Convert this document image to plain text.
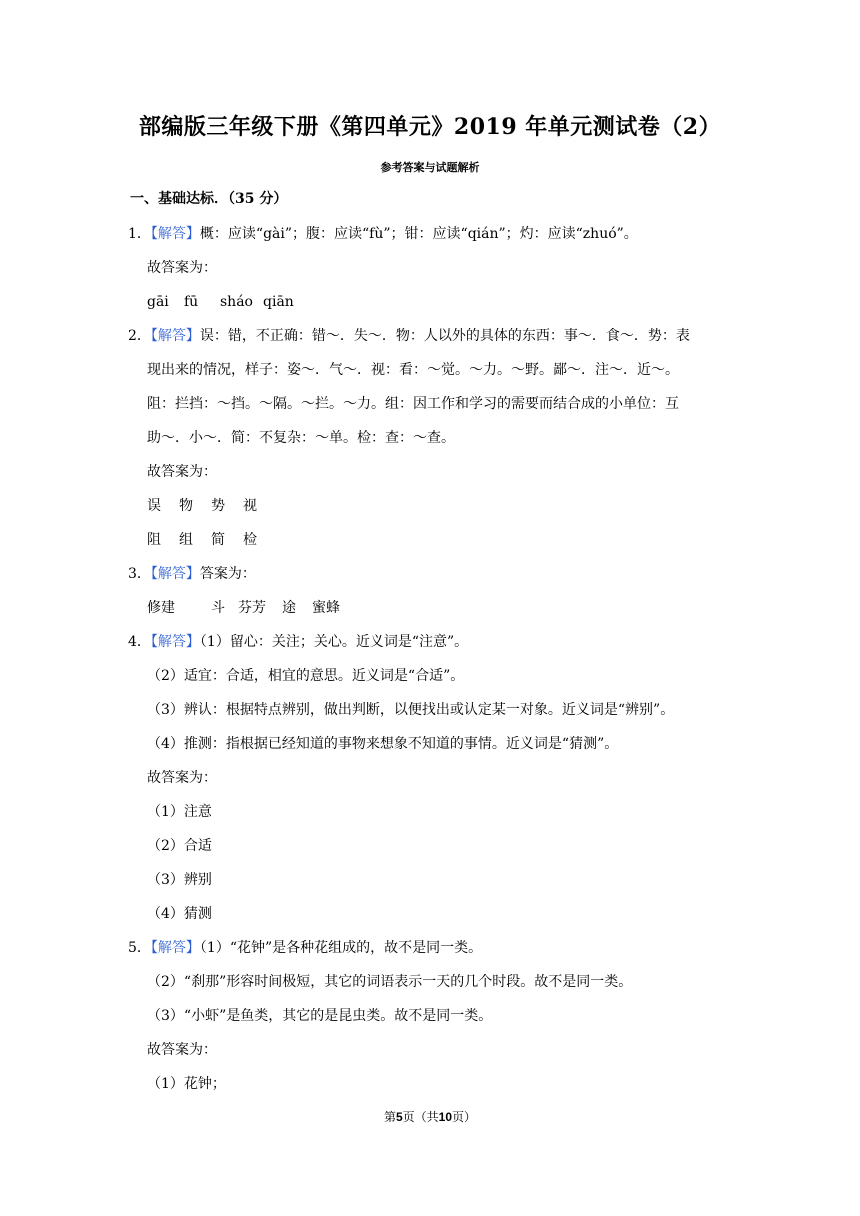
部编版三年级下册《第四单元》2019 年单元测试卷（2）
参考答案与试题解析
一、基础达标．（35 分）
1．【解答】概：应读“gài”；腹：应读“fù”；钳：应读“qián”；灼：应读“zhuó”。
故答案为：
gāi fū sháo qiān
2．【解答】误：错，不正确：错～．失～．物：人以外的具体的东西：事～．食～．势：表
现出来的情况，样子：姿～．气～．视：看：～觉。～力。～野。鄙～．注～．近～。
阻：拦挡：～挡。～隔。～拦。～力。组：因工作和学习的需要而结合成的小单位：互
助～．小～．简：不复杂：～单。检：查：～查。
故答案为：
误 物 势 视
阻 组 简 检
3．【解答】答案为：
修建	斗 芬芳 途 蜜蜂
4．【解答】（1）留心：关注；关心。近义词是“注意”。
（2）适宜：合适，相宜的意思。近义词是“合适”。
（3）辨认：根据特点辨别，做出判断，以便找出或认定某一对象。近义词是“辨别”。
（4）推测：指根据已经知道的事物来想象不知道的事情。近义词是“猜测”。
故答案为：
（1）注意
（2）合适
（3）辨别
（4）猜测
5．【解答】（1）“花钟”是各种花组成的，故不是同一类。
（2）“刹那”形容时间极短，其它的词语表示一天的几个时段。故不是同一类。
（3）“小虾”是鱼类，其它的是昆虫类。故不是同一类。
故答案为：
（1）花钟；
第5页（共10页）
